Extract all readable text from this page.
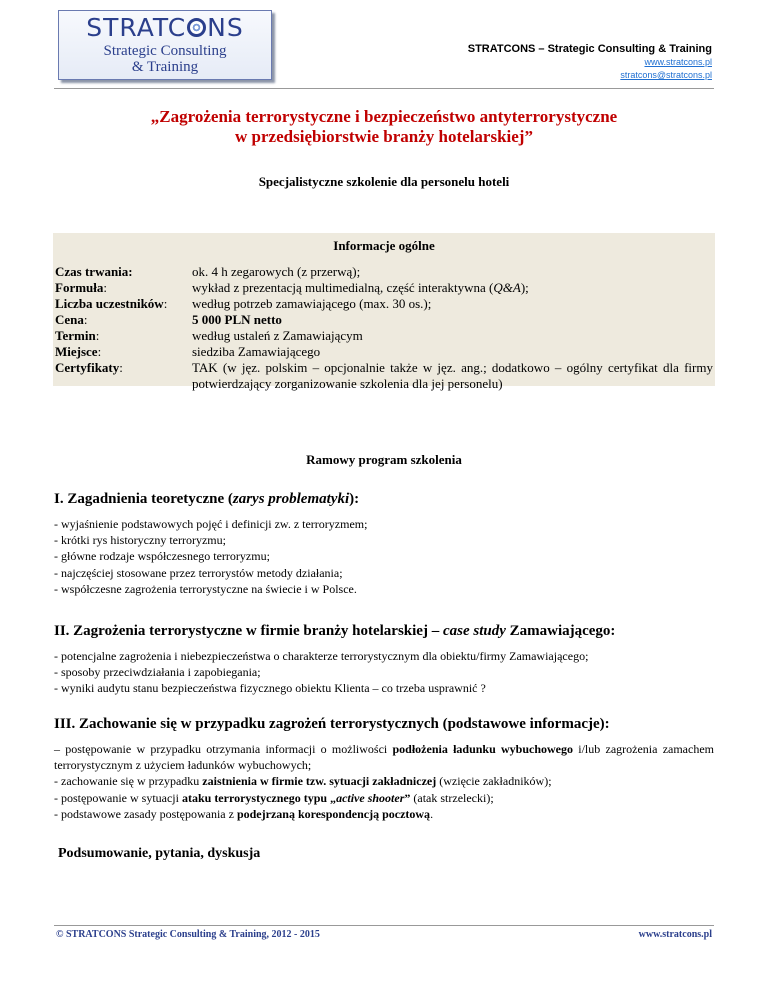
STRATC NS
Strategic Consulting
& Training
STRATCONS – Strategic Consulting & Training
www.stratcons.pl
stratcons@stratcons.pl
„Zagrożenia terrorystyczne i bezpieczeństwo antyterrorystyczne
w przedsiębiorstwie branży hotelarskiej”
Specjalistyczne szkolenie dla personelu hoteli
Informacje ogólne
Czas trwania:	ok. 4 h zegarowych (z przerwą);
Formuła:	wykład z prezentacją multimedialną, część interaktywna (Q&A);
Liczba uczestników:	według potrzeb zamawiającego (max. 30 os.);
Cena:	5 000 PLN netto
Termin:	według ustaleń z Zamawiającym
Miejsce:	siedziba Zamawiającego
Certyfikaty:	TAK (w jęz. polskim – opcjonalnie także w jęz. ang.; dodatkowo – ogólny certyfikat dla firmy potwierdzający zorganizowanie szkolenia dla jej personelu)
Ramowy program szkolenia
I. Zagadnienia teoretyczne (zarys problematyki):
- wyjaśnienie podstawowych pojęć i definicji zw. z terroryzmem;
- krótki rys historyczny terroryzmu;
- główne rodzaje współczesnego terroryzmu;
- najczęściej stosowane przez terrorystów metody działania;
- współczesne zagrożenia terrorystyczne na świecie i w Polsce.
II. Zagrożenia terrorystyczne w firmie branży hotelarskiej – case study Zamawiającego:
- potencjalne zagrożenia i niebezpieczeństwa o charakterze terrorystycznym dla obiektu/firmy Zamawiającego;
- sposoby przeciwdziałania i zapobiegania;
- wyniki audytu stanu bezpieczeństwa fizycznego obiektu Klienta – co trzeba usprawnić ?
III. Zachowanie się w przypadku zagrożeń terrorystycznych (podstawowe informacje):
– postępowanie w przypadku otrzymania informacji o możliwości podłożenia ładunku wybuchowego i/lub zagrożenia zamachem terrorystycznym z użyciem ładunków wybuchowych;
- zachowanie się w przypadku zaistnienia w firmie tzw. sytuacji zakładniczej (wzięcie zakładników);
- postępowanie w sytuacji ataku terrorystycznego typu „active shooter” (atak strzelecki);
- podstawowe zasady postępowania z podejrzaną korespondencją pocztową.
Podsumowanie, pytania, dyskusja
© STRATCONS Strategic Consulting & Training, 2012 - 2015	www.stratcons.pl
